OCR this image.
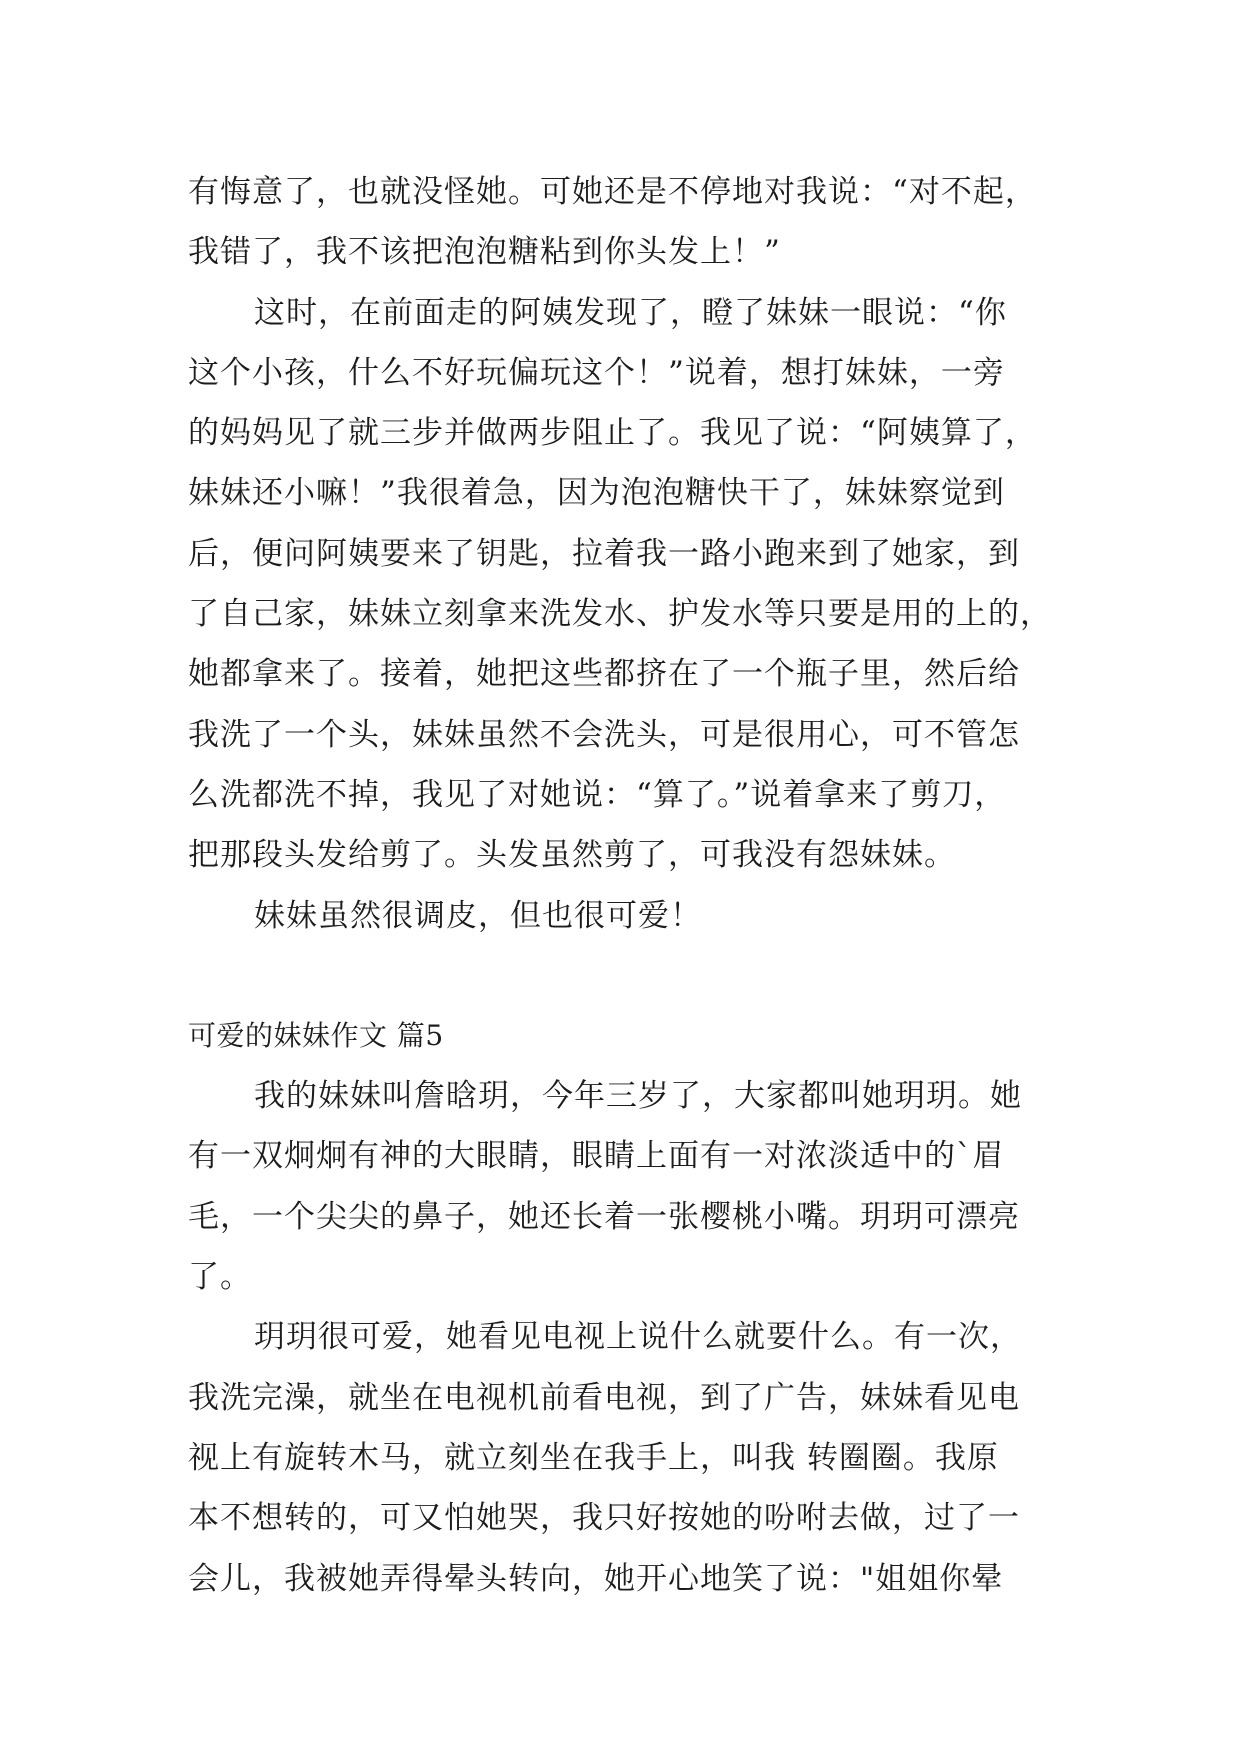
有悔意了，也就没怪她。可她还是不停地对我说：“对不起，
我错了，我不该把泡泡糖粘到你头发上！”
这时，在前面走的阿姨发现了，瞪了妹妹一眼说：“你
这个小孩，什么不好玩偏玩这个！”说着，想打妹妹，一旁
的妈妈见了就三步并做两步阻止了。我见了说：“阿姨算了，
妹妹还小嘛！”我很着急，因为泡泡糖快干了，妹妹察觉到
后，便问阿姨要来了钥匙，拉着我一路小跑来到了她家，到
了自己家，妹妹立刻拿来洗发水、护发水等只要是用的上的，
她都拿来了。接着，她把这些都挤在了一个瓶子里，然后给
我洗了一个头，妹妹虽然不会洗头，可是很用心，可不管怎
么洗都洗不掉，我见了对她说：“算了。”说着拿来了剪刀，
把那段头发给剪了。头发虽然剪了，可我没有怨妹妹。
妹妹虽然很调皮，但也很可爱！
可爱的妹妹作文 篇5
我的妹妹叫詹晗玥，今年三岁了，大家都叫她玥玥。她
有一双炯炯有神的大眼睛，眼睛上面有一对浓淡适中的`眉
毛，一个尖尖的鼻子，她还长着一张樱桃小嘴。玥玥可漂亮
了。
玥玥很可爱，她看见电视上说什么就要什么。有一次，
我洗完澡，就坐在电视机前看电视，到了广告，妹妹看见电
视上有旋转木马，就立刻坐在我手上，叫我 转圈圈。我原
本不想转的，可又怕她哭，我只好按她的吩咐去做，过了一
会儿，我被她弄得晕头转向，她开心地笑了说："姐姐你晕
